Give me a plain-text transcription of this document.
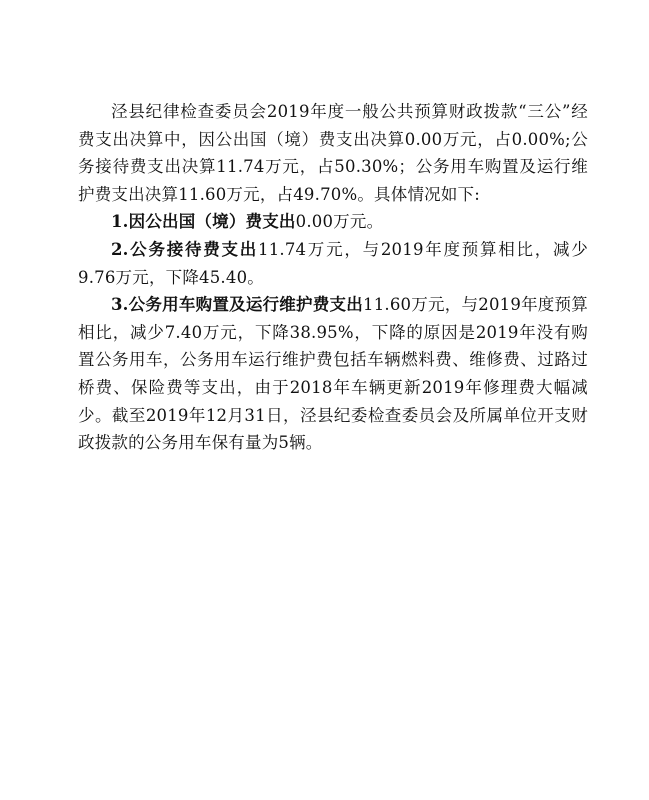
泾县纪律检查委员会2019年度一般公共预算财政拨款“三公”经费支出决算中，因公出国（境）费支出决算0.00万元，占0.00%;公务接待费支出决算11.74万元，占50.30%；公务用车购置及运行维护费支出决算11.60万元，占49.70%。具体情况如下:

1.因公出国（境）费支出0.00万元。

2.公务接待费支出11.74万元，与2019年度预算相比，减少9.76万元，下降45.40。

3.公务用车购置及运行维护费支出11.60万元，与2019年度预算相比，减少7.40万元，下降38.95%，下降的原因是2019年没有购置公务用车，公务用车运行维护费包括车辆燃料费、维修费、过路过桥费、保险费等支出，由于2018年车辆更新2019年修理费大幅减少。截至2019年12月31日，泾县纪委检查委员会及所属单位开支财政拨款的公务用车保有量为5辆。
